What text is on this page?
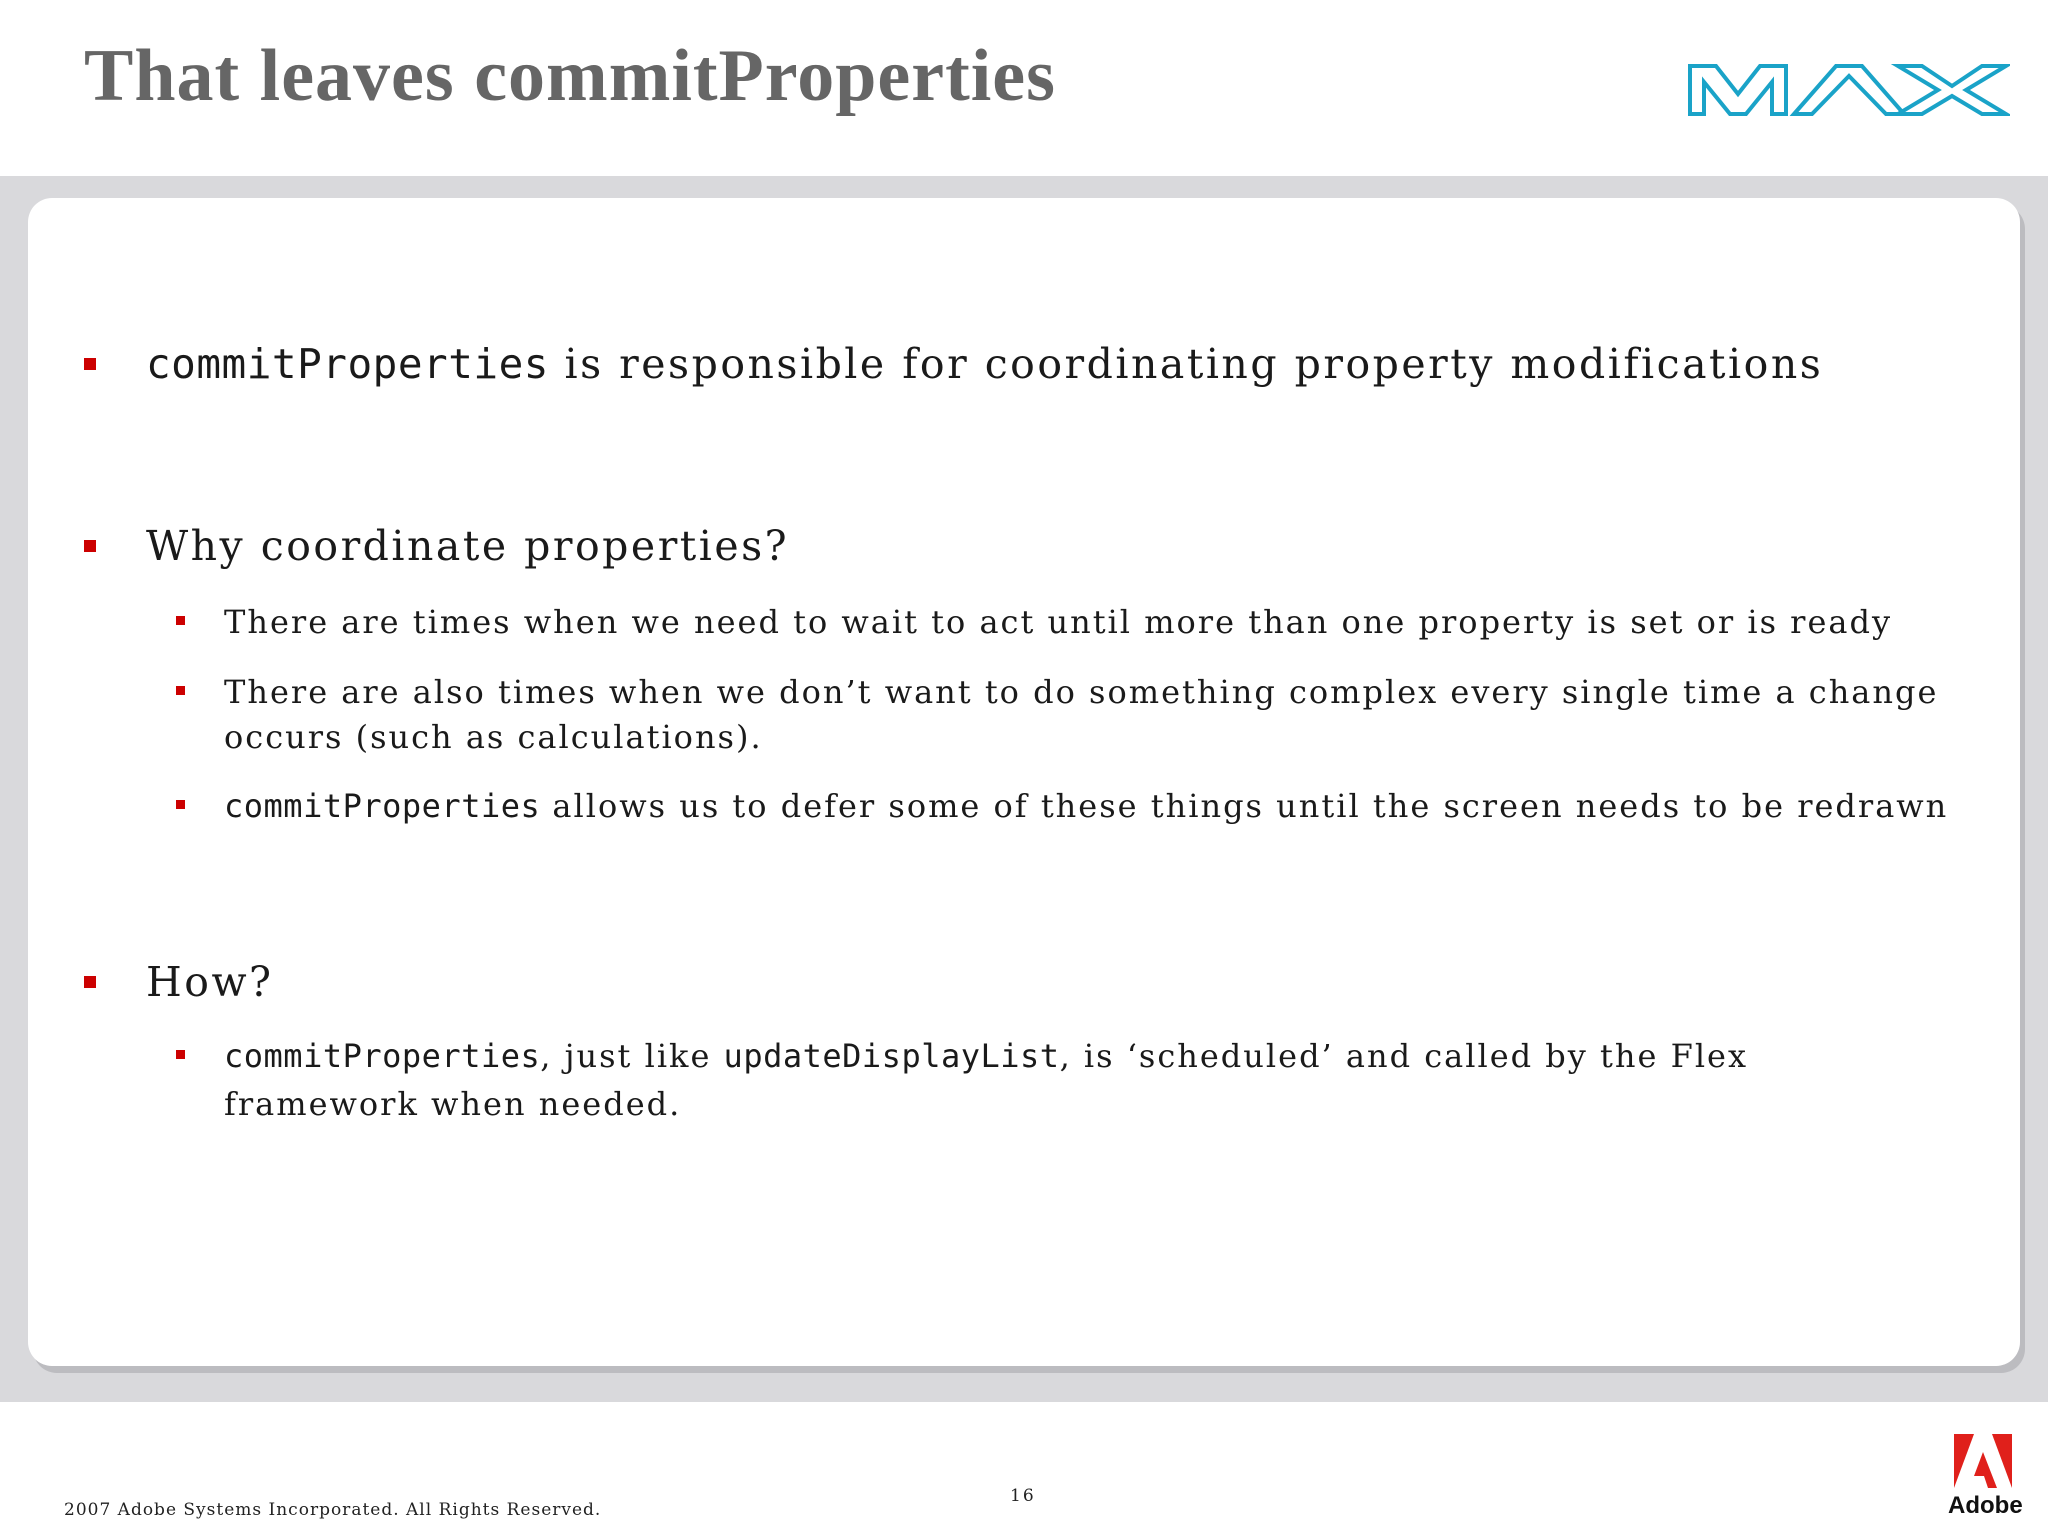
That leaves commitProperties
commitProperties is responsible for coordinating property modifications
Why coordinate properties?
There are times when we need to wait to act until more than one property is set or is ready
There are also times when we don’t want to do something complex every single time a change
occurs (such as calculations).
commitProperties allows us to defer some of these things until the screen needs to be redrawn
How?
commitProperties, just like updateDisplayList, is ‘scheduled’ and called by the Flex
framework when needed.
2007 Adobe Systems Incorporated. All Rights Reserved.
16	Adobe
